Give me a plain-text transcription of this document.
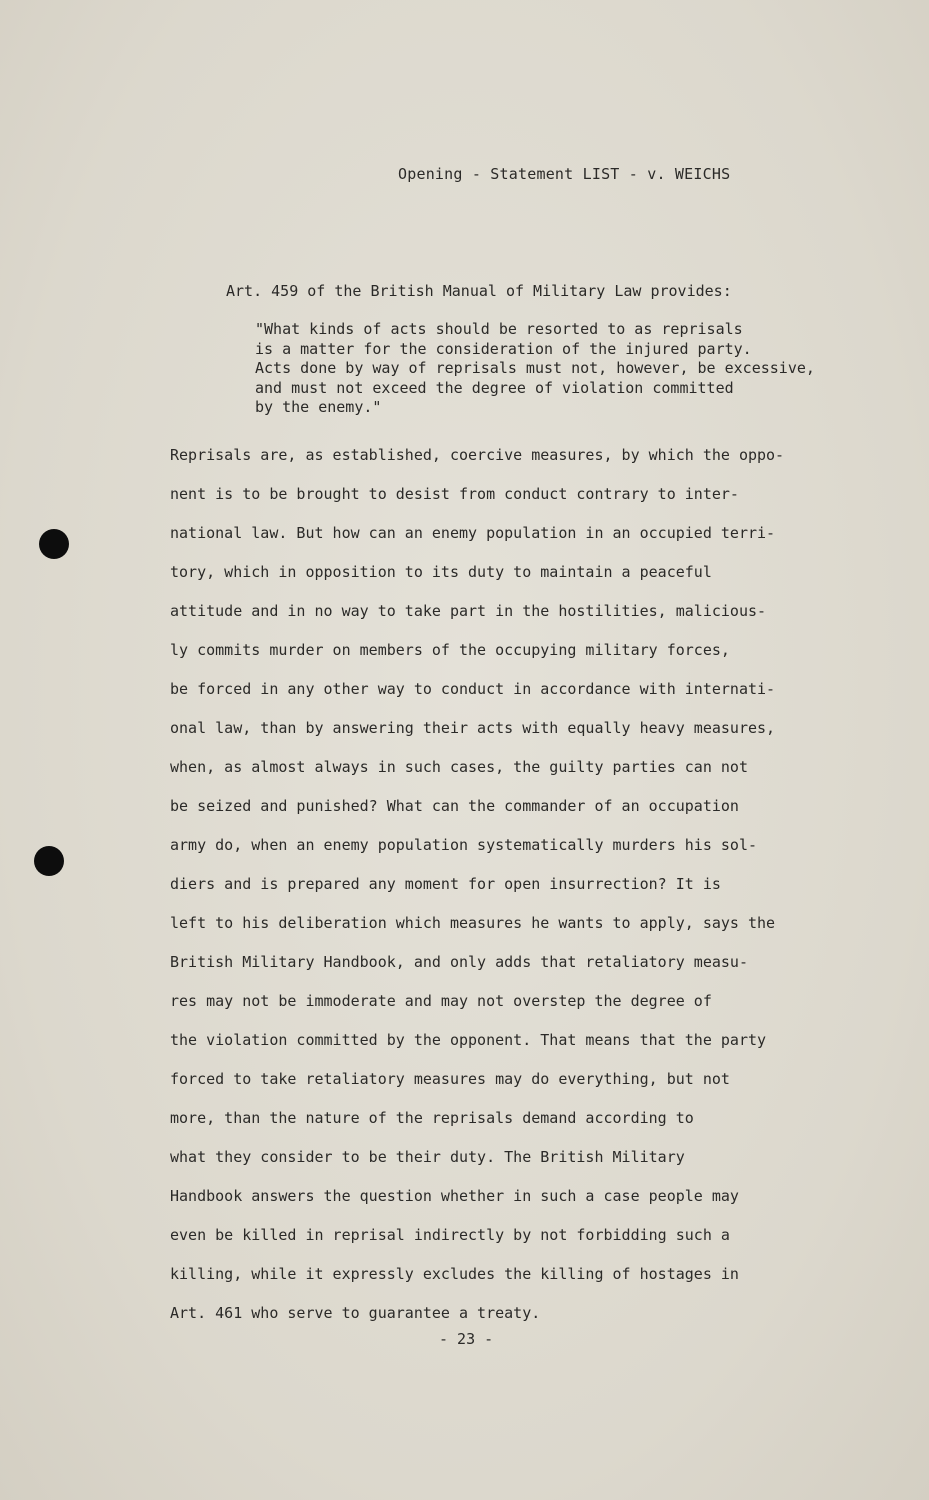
Opening - Statement LIST - v. WEICHS
Art. 459 of the British Manual of Military Law provides:
"What kinds of acts should be resorted to as reprisals
is a matter for the consideration of the injured party.
Acts done by way of reprisals must not, however, be excessive,
and must not exceed the degree of violation committed
by the enemy."
Reprisals are, as established, coercive measures, by which the oppo-
nent is to be brought to desist from conduct contrary to inter-
national law. But how can an enemy population in an occupied terri-
tory, which in opposition to its duty to maintain a peaceful
attitude and in no way to take part in the hostilities, malicious-
ly commits murder on members of the occupying military forces,
be forced in any other way to conduct in accordance with internati-
onal law, than by answering their acts with equally heavy measures,
when, as almost always in such cases, the guilty parties can not
be seized and punished? What can the commander of an occupation
army do, when an enemy population systematically murders his sol-
diers and is prepared any moment for open insurrection? It is
left to his deliberation which measures he wants to apply, says the
British Military Handbook, and only adds that retaliatory measu-
res may not be immoderate and may not overstep the degree of
the violation committed by the opponent. That means that the party
forced to take retaliatory measures may do everything, but not
more, than the nature of the reprisals demand according to
what they consider to be their duty. The British Military
Handbook answers the question whether in such a case people may
even be killed in reprisal indirectly by not forbidding such a
killing, while it expressly excludes the killing of hostages in
Art. 461 who serve to guarantee a treaty.
- 23 -
